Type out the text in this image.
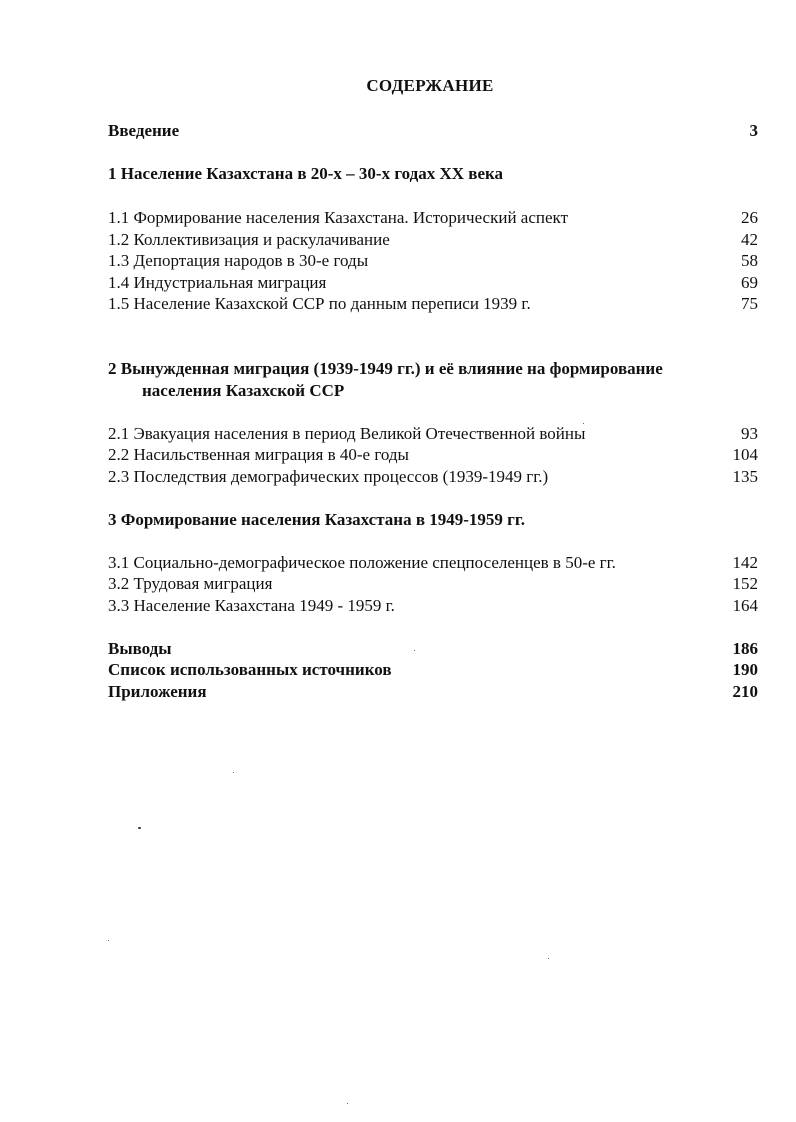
СОДЕРЖАНИЕ
Введение	3
1 Население Казахстана в 20-х – 30-х годах XX века
1.1 Формирование населения Казахстана. Исторический аспект	26
1.2 Коллективизация и раскулачивание	42
1.3 Депортация народов в 30-е годы	58
1.4 Индустриальная миграция	69
1.5 Население Казахской ССР по данным переписи 1939 г.	75
2 Вынужденная миграция (1939-1949 гг.) и её влияние на формирование
населения Казахской ССР
2.1 Эвакуация населения в период Великой Отечественной войны	93
2.2 Насильственная миграция в 40-е годы	104
2.3 Последствия демографических процессов (1939-1949 гг.)	135
3 Формирование населения Казахстана в 1949-1959 гг.
3.1 Социально-демографическое положение спецпоселенцев в 50-е гг.	142
3.2 Трудовая миграция	152
3.3 Население Казахстана 1949 - 1959 г.	164
Выводы	186
Список использованных источников	190
Приложения	210
